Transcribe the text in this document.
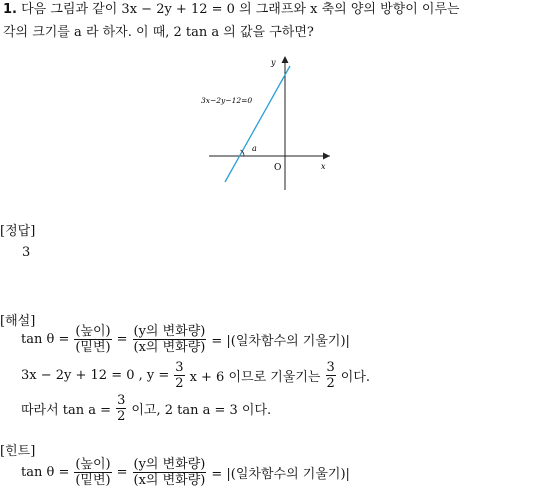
1. 다음 그림과 같이 3x − 2y + 12 = 0 의 그래프와 x 축의 양의 방향이 이루는
각의 크기를 a 라 하자. 이 때, 2 tan a 의 값을 구하면?
a
O	x
y
3x−2y−12=0
[정답]
3
[해설]
$\tan \theta = \frac{\text{(높이)}}{\text{(밑변)}} = \frac{\text{(y의 변화량)}}{\text{(x의 변화량)}}$ = |(일차함수의 기울기)|
3x − 2y + 12 = 0 , $y = \frac{3}{2}$ x + 6 이므로 기울기는 $\frac{3}{2}$ 이다.
따라서 $\tan a = \frac{3}{2}$ 이고, 2 tan a = 3 이다.
[힌트]
$\tan \theta = \frac{\text{(높이)}}{\text{(밑변)}} = \frac{\text{(y의 변화량)}}{\text{(x의 변화량)}}$ = |(일차함수의 기울기)|
